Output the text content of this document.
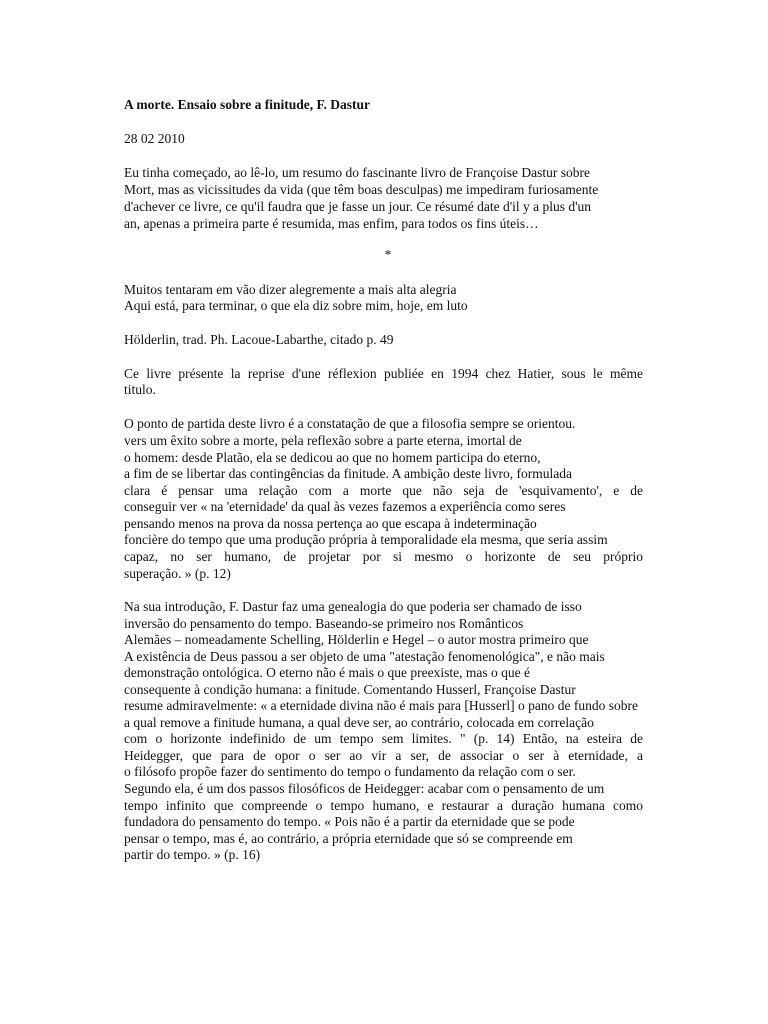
A morte. Ensaio sobre a finitude, F. Dastur
28 02 2010
Eu tinha começado, ao lê-lo, um resumo do fascinante livro de Françoise Dastur sobre
Mort, mas as vicissitudes da vida (que têm boas desculpas) me impediram furiosamente
d'achever ce livre, ce qu'il faudra que je fasse un jour. Ce résumé date d'il y a plus d'un
an, apenas a primeira parte é resumida, mas enfim, para todos os fins úteis…
*
Muitos tentaram em vão dizer alegremente a mais alta alegria
Aqui está, para terminar, o que ela diz sobre mim, hoje, em luto
Hölderlin, trad. Ph. Lacoue-Labarthe, citado p. 49
Ce livre présente la reprise d'une réflexion publiée en 1994 chez Hatier, sous le même
titulo.
O ponto de partida deste livro é a constatação de que a filosofia sempre se orientou.
vers um êxito sobre a morte, pela reflexão sobre a parte eterna, imortal de
o homem: desde Platão, ela se dedicou ao que no homem participa do eterno,
a fim de se libertar das contingências da finitude. A ambição deste livro, formulada
clara é pensar uma relação com a morte que não seja de 'esquivamento', e de
conseguir ver « na 'eternidade' da qual às vezes fazemos a experiência como seres
pensando menos na prova da nossa pertença ao que escapa à indeterminação
foncière do tempo que uma produção própria à temporalidade ela mesma, que seria assim
capaz, no ser humano, de projetar por si mesmo o horizonte de seu próprio
superação. » (p. 12)
Na sua introdução, F. Dastur faz uma genealogia do que poderia ser chamado de isso
inversão do pensamento do tempo. Baseando-se primeiro nos Românticos
Alemães – nomeadamente Schelling, Hölderlin e Hegel – o autor mostra primeiro que
A existência de Deus passou a ser objeto de uma "atestação fenomenológica", e não mais
demonstração ontológica. O eterno não é mais o que preexiste, mas o que é
consequente à condição humana: a finitude. Comentando Husserl, Françoise Dastur
resume admiravelmente: « a eternidade divina não é mais para [Husserl] o pano de fundo sobre
a qual remove a finitude humana, a qual deve ser, ao contrário, colocada em correlação
com o horizonte indefinido de um tempo sem limites. " (p. 14) Então, na esteira de
Heidegger, que para de opor o ser ao vir a ser, de associar o ser à eternidade, a
o filósofo propõe fazer do sentimento do tempo o fundamento da relação com o ser.
Segundo ela, é um dos passos filosóficos de Heidegger: acabar com o pensamento de um
tempo infinito que compreende o tempo humano, e restaurar a duração humana como
fundadora do pensamento do tempo. « Pois não é a partir da eternidade que se pode
pensar o tempo, mas é, ao contrário, a própria eternidade que só se compreende em
partir do tempo. » (p. 16)
